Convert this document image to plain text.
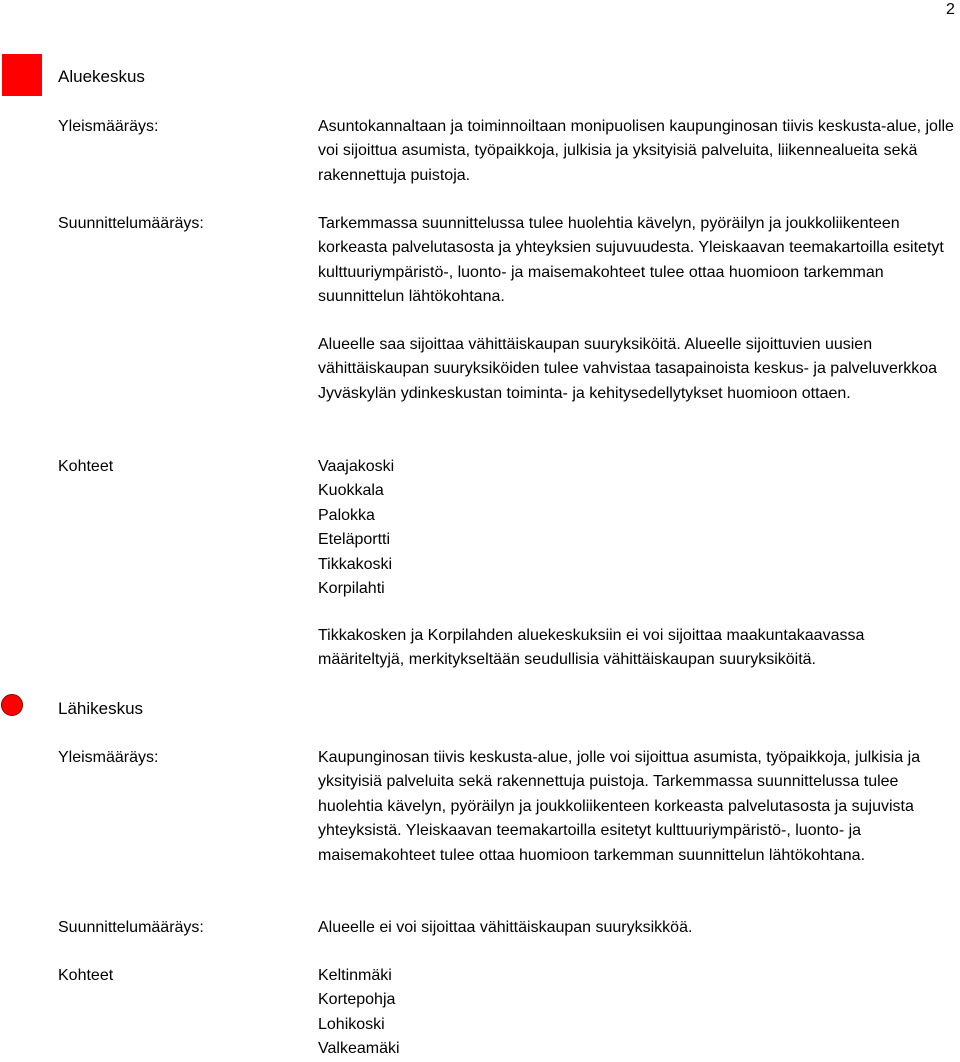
2
Aluekeskus
Yleismääräys:	Asuntokannaltaan ja toiminnoiltaan monipuolisen kaupunginosan tiivis keskusta-alue, jolle voi sijoittua asumista, työpaikkoja, julkisia ja yksityisiä palveluita, liikennealueita sekä rakennettuja puistoja.
Suunnittelumääräys:	Tarkemmassa suunnittelussa tulee huolehtia kävelyn, pyöräilyn ja joukkoliikenteen korkeasta palvelutasosta ja yhteyksien sujuvuudesta. Yleiskaavan teemakartoilla esitetyt kulttuuriympäristö-, luonto- ja maisemakohteet tulee ottaa huomioon tarkemman suunnittelun lähtökohtana.
Alueelle saa sijoittaa vähittäiskaupan suuryksiköitä. Alueelle sijoittuvien uusien vähittäiskaupan suuryksiköiden tulee vahvistaa tasapainoista keskus- ja palveluverkkoa Jyväskylän ydinkeskustan toiminta- ja kehitysedellytykset huomioon ottaen.
Kohteet	Vaajakoski
Kuokkala
Palokka
Eteläportti
Tikkakoski
Korpilahti
Tikkakosken ja Korpilahden aluekeskuksiin ei voi sijoittaa maakuntakaavassa määriteltyjä, merkitykseltään seudullisia vähittäiskaupan suuryksiköitä.
Lähikeskus
Yleismääräys:	Kaupunginosan tiivis keskusta-alue, jolle voi sijoittua asumista, työpaikkoja, julkisia ja yksityisiä palveluita sekä rakennettuja puistoja. Tarkemmassa suunnittelussa tulee huolehtia kävelyn, pyöräilyn ja joukkoliikenteen korkeasta palvelutasosta ja sujuvista yhteyksistä. Yleiskaavan teemakartoilla esitetyt kulttuuriympäristö-, luonto- ja maisemakohteet tulee ottaa huomioon tarkemman suunnittelun lähtökohtana.
Suunnittelumääräys:	Alueelle ei voi sijoittaa vähittäiskaupan suuryksikköä.
Kohteet	Keltinmäki
Kortepohja
Lohikoski
Valkeamäki
